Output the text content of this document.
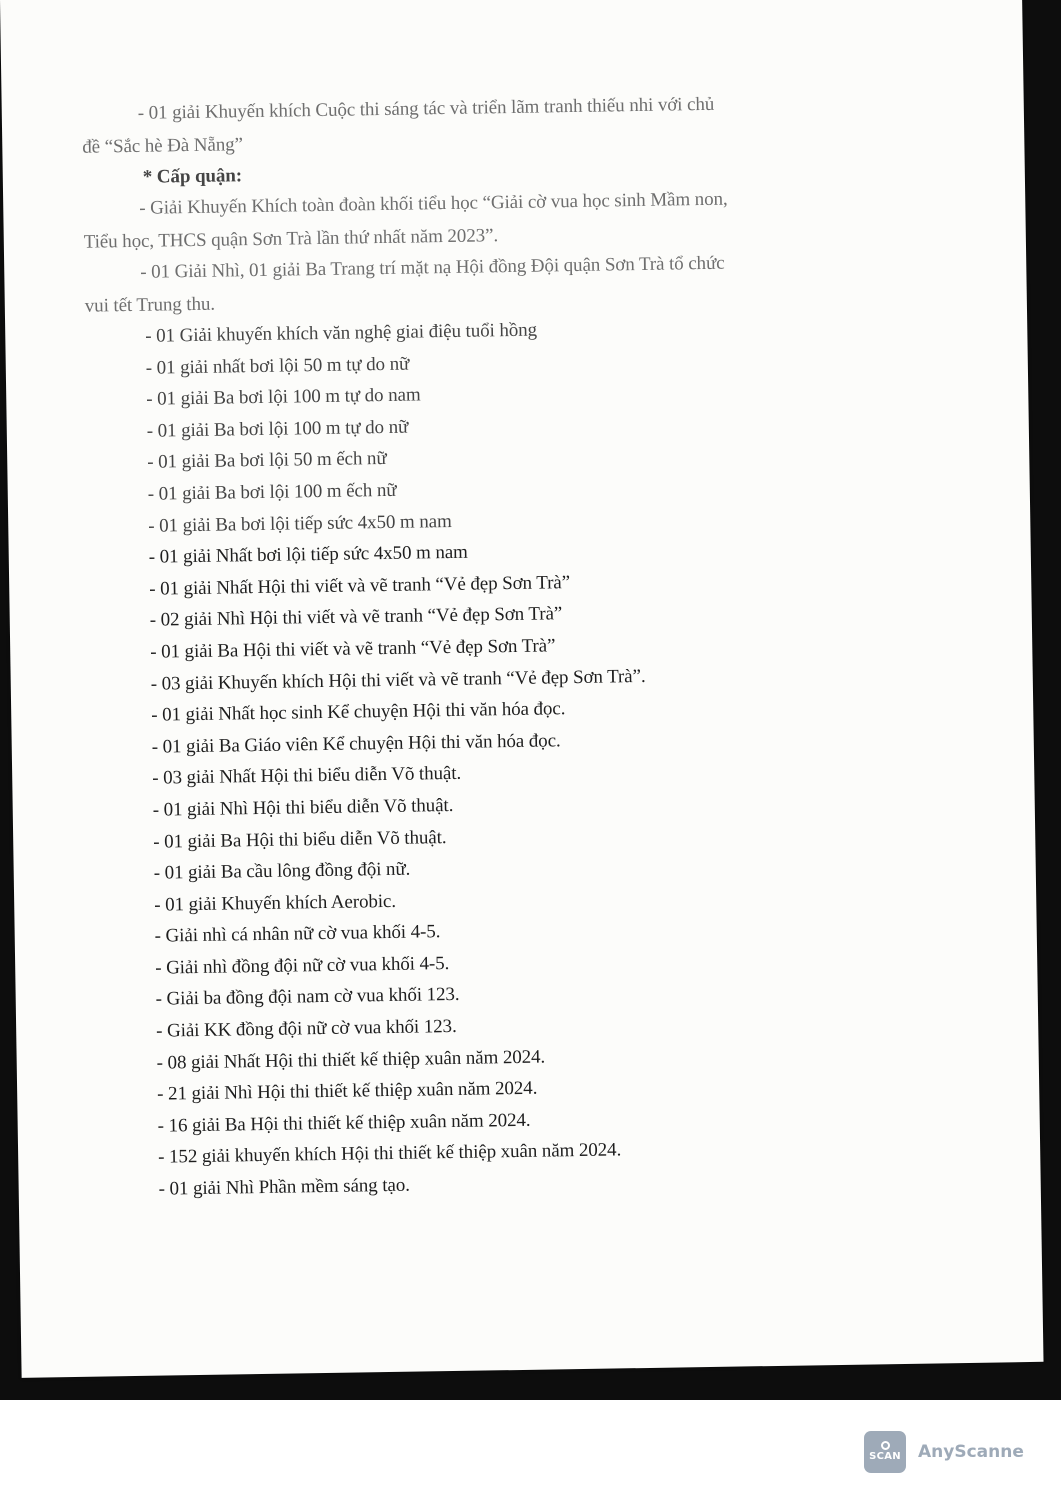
- 01 giải Khuyến khích Cuộc thi sáng tác và triển lãm tranh thiếu nhi với chủ
đề “Sắc hè Đà Nẵng”
* Cấp quận:
- Giải Khuyến Khích toàn đoàn khối tiểu học “Giải cờ vua học sinh Mầm non,
Tiểu học, THCS quận Sơn Trà lần thứ nhất năm 2023”.
- 01 Giải Nhì, 01 giải Ba Trang trí mặt nạ Hội đồng Đội quận Sơn Trà tổ chức
vui tết Trung thu.
- 01 Giải khuyến khích văn nghệ giai điệu tuổi hồng
- 01 giải nhất bơi lội 50 m tự do nữ
- 01 giải Ba bơi lội 100 m tự do nam
- 01 giải Ba bơi lội 100 m tự do nữ
- 01 giải Ba bơi lội 50 m ếch nữ
- 01 giải Ba bơi lội 100 m ếch nữ
- 01 giải Ba bơi lội tiếp sức 4x50 m nam
- 01 giải Nhất bơi lội tiếp sức 4x50 m nam
- 01 giải Nhất Hội thi viết và vẽ tranh “Vẻ đẹp Sơn Trà”
- 02 giải Nhì Hội thi viết và vẽ tranh “Vẻ đẹp Sơn Trà”
- 01 giải Ba Hội thi viết và vẽ tranh “Vẻ đẹp Sơn Trà”
- 03 giải Khuyến khích Hội thi viết và vẽ tranh “Vẻ đẹp Sơn Trà”.
- 01 giải Nhất học sinh Kể chuyện Hội thi văn hóa đọc.
- 01 giải Ba Giáo viên Kể chuyện Hội thi văn hóa đọc.
- 03 giải Nhất Hội thi biểu diễn Võ thuật.
- 01 giải Nhì Hội thi biểu diễn Võ thuật.
- 01 giải Ba Hội thi biểu diễn Võ thuật.
- 01 giải Ba cầu lông đồng đội nữ.
- 01 giải Khuyến khích Aerobic.
- Giải nhì cá nhân nữ cờ vua khối 4-5.
- Giải nhì đồng đội nữ cờ vua khối 4-5.
- Giải ba đồng đội nam cờ vua khối 123.
- Giải KK đồng đội nữ cờ vua khối 123.
- 08 giải Nhất Hội thi thiết kế thiệp xuân năm 2024.
- 21 giải Nhì Hội thi thiết kế thiệp xuân năm 2024.
- 16 giải Ba Hội thi thiết kế thiệp xuân năm 2024.
- 152 giải khuyến khích Hội thi thiết kế thiệp xuân năm 2024.
- 01 giải Nhì Phần mềm sáng tạo.
SCAN AnyScanne
